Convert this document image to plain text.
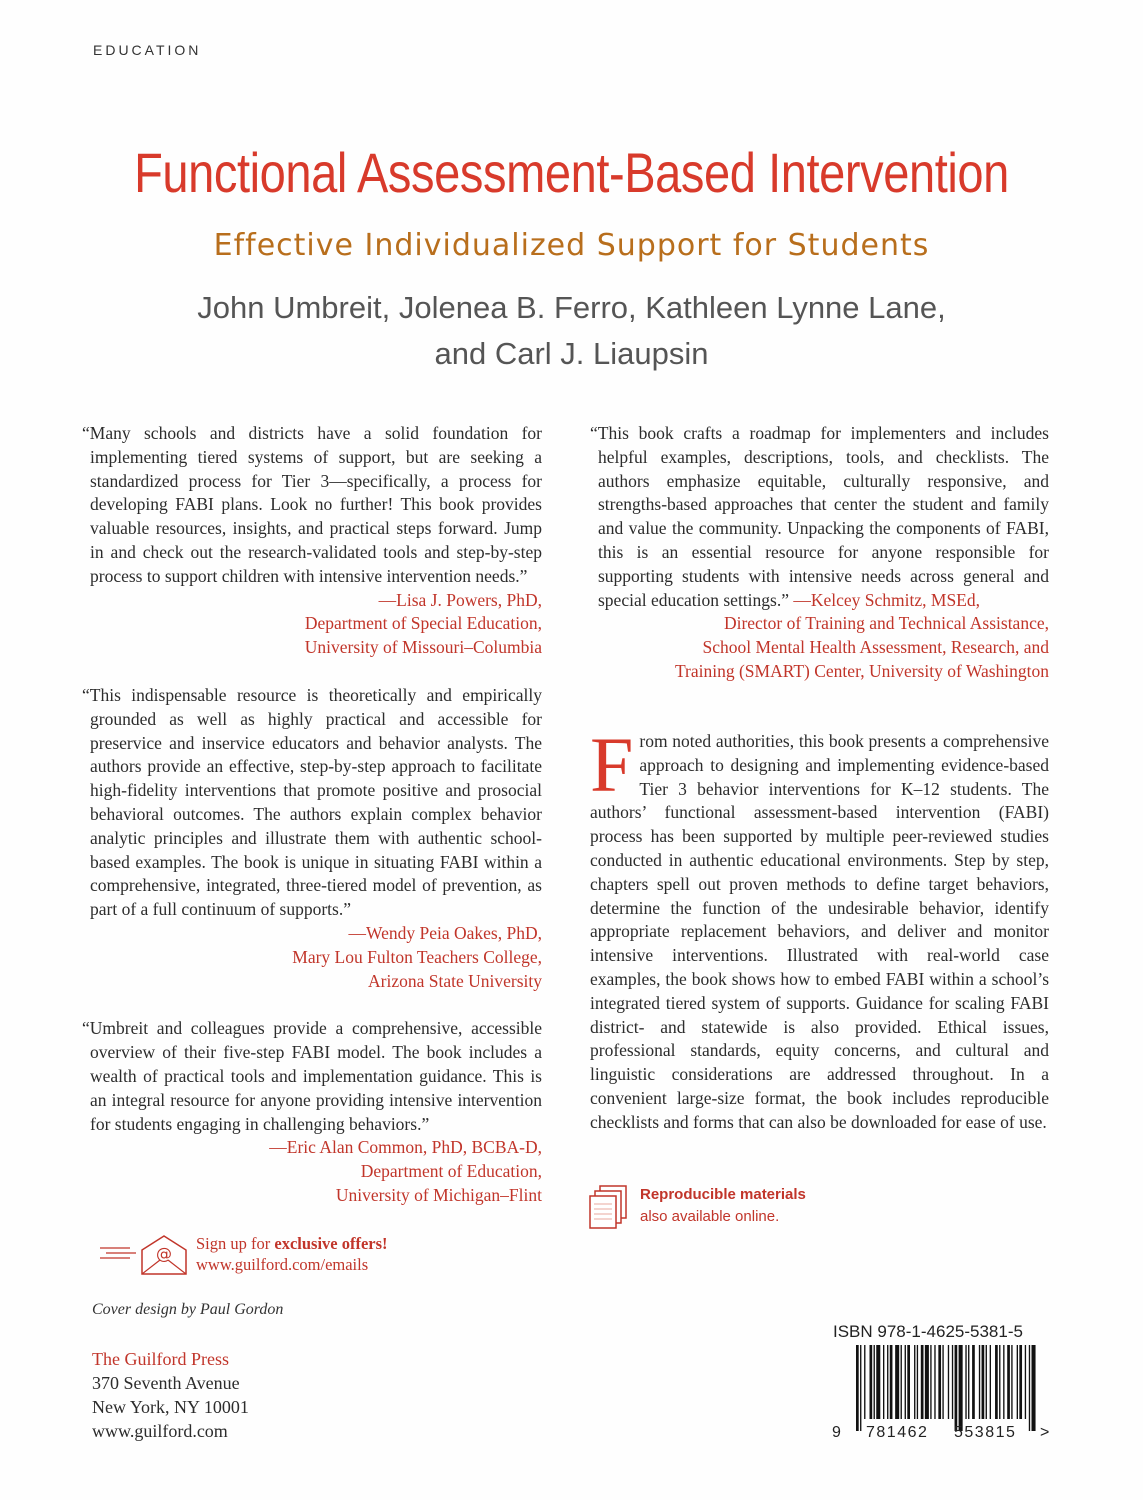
EDUCATION
Functional Assessment-Based Intervention
Effective Individualized Support for Students
John Umbreit, Jolenea B. Ferro, Kathleen Lynne Lane,
and Carl J. Liaupsin

“Many schools and districts have a solid foundation for implementing tiered systems of support, but are seeking a standardized process for Tier 3—specifically, a process for developing FABI plans. Look no further! This book provides valuable resources, insights, and practical steps forward. Jump in and check out the research-validated tools and step-by-step process to support children with intensive intervention needs.”

—Lisa J. Powers, PhD,
Department of Special Education,
University of Missouri–Columbia

“This indispensable resource is theoretically and empirically grounded as well as highly practical and accessible for preservice and inservice educators and behavior analysts. The authors provide an effective, step-by-step approach to facilitate high-fidelity interventions that promote positive and prosocial behavioral outcomes. The authors explain complex behavior analytic principles and illustrate them with authentic school-based examples. The book is unique in situating FABI within a comprehensive, integrated, three-tiered model of prevention, as part of a full continuum of supports.”

—Wendy Peia Oakes, PhD,
Mary Lou Fulton Teachers College,
Arizona State University

“Umbreit and colleagues provide a comprehensive, accessible overview of their five-step FABI model. The book includes a wealth of practical tools and implementation guidance. This is an integral resource for anyone providing intensive intervention for students engaging in challenging behaviors.”

—Eric Alan Common, PhD, BCBA-D,
Department of Education,
University of Michigan–Flint

“This book crafts a roadmap for implementers and includes helpful examples, descriptions, tools, and checklists. The authors emphasize equitable, culturally responsive, and strengths-based approaches that center the student and family and value the community. Unpacking the components of FABI, this is an essential resource for anyone responsible for supporting students with intensive needs across general and special education settings.” —Kelcey Schmitz, MSEd,

Director of Training and Technical Assistance,
School Mental Health Assessment, Research, and
Training (SMART) Center, University of Washington
From noted authorities, this book presents a comprehensive approach to designing and implementing evidence-based Tier 3 behavior interventions for K–12 students. The authors’ functional assessment-based intervention (FABI) process has been supported by multiple peer-reviewed studies conducted in authentic educational environments. Step by step, chapters spell out proven methods to define target behaviors, determine the function of the undesirable behavior, identify appropriate replacement behaviors, and deliver and monitor intensive interventions. Illustrated with real-world case examples, the book shows how to embed FABI within a school’s integrated tiered system of supports. Guidance for scaling FABI district- and statewide is also provided. Ethical issues, professional standards, equity concerns, and cultural and linguistic considerations are addressed throughout. In a convenient large-size format, the book includes reproducible checklists and forms that can also be downloaded for ease of use.
Reproducible materials
also available online.
@
Sign up for exclusive offers!
www.guilford.com/emails
Cover design by Paul Gordon
The Guilford Press
370 Seventh Avenue
New York, NY 10001
www.guilford.com
ISBN 978-1-4625-5381-5
9 781462 553815 >
